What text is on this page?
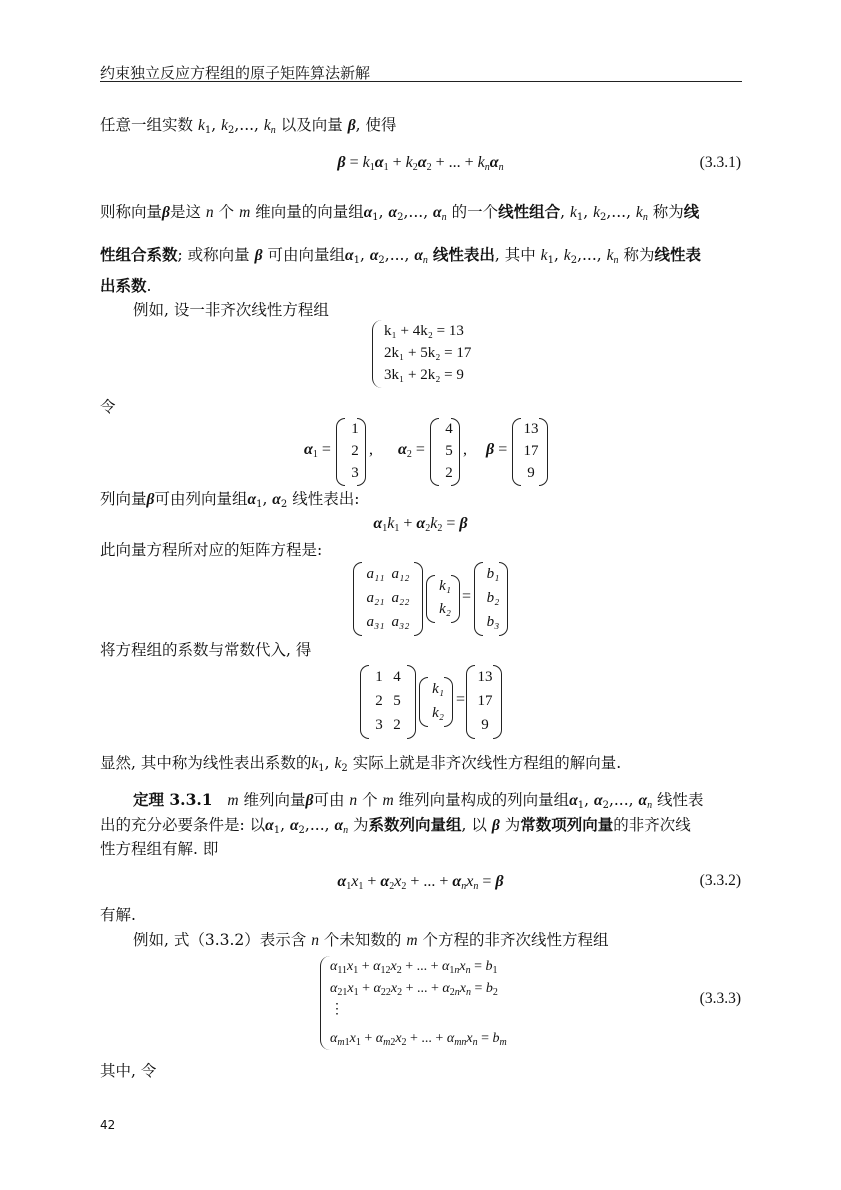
约束独立反应方程组的原子矩阵算法新解
任意一组实数 $k_1$, $k_2$,..., $k_n$ 以及向量 β, 使得
$\beta = k_1\alpha_1 + k_2\alpha_2$ + ... + $k_n\alpha_n$	(3.3.1)
则称向量β是这 n 个 m 维向量的向量组$\alpha_1$, $\alpha_2$,..., $\alpha_n$ 的一个线性组合, $k_1$, $k_2$,..., $k_n$ 称为线
性组合系数; 或称向量 β 可由向量组$\alpha_1$, $\alpha_2$,..., $\alpha_n$ 线性表出, 其中 $k_1$, $k_2$,..., $k_n$ 称为线性表
出系数.
例如, 设一非齐次线性方程组
k₁ + 4k₂ = 13
2k₁ + 5k₂ = 17
3k₁ + 2k₂ = 9
令
$\alpha_1$ =
1
2
3
, $\alpha_2$ =
4
5
2
, β =
13
17
9
列向量β可由列向量组$\alpha_1$, $\alpha_2$ 线性表出:
$\alpha_1k_1 + \alpha_2k_2 = \beta$
此向量方程所对应的矩阵方程是:
a₁₁ a₁₂
a₂₁ a₂₂
a₃₁ a₃₂
k₁
k₂
=
b₁
b₂
b₃
将方程组的系数与常数代入, 得
1 4
2 5
3 2
k₁
k₂
=
13
17
9
显然, 其中称为线性表出系数的$k_1$, $k_2$ 实际上就是非齐次线性方程组的解向量.
定理 3.3.1 m 维列向量β可由 n 个 m 维列向量构成的列向量组$\alpha_1$, $\alpha_2$,..., $\alpha_n$ 线性表
出的充分必要条件是: 以$\alpha_1$, $\alpha_2$,..., $\alpha_n$ 为系数列向量组, 以 β 为常数项列向量的非齐次线
性方程组有解. 即
$\alpha_1x_1 + \alpha_2x_2$ + ... + $\alpha_nx_n = \beta$	(3.3.2)
有解.
例如, 式（3.3.2）表示含 n 个未知数的 m 个方程的非齐次线性方程组
$\alpha_{11}x_1 + \alpha_{12}x_2$ + ... + $\alpha_{1n}x_n = b_1$
$\alpha_{21}x_1 + \alpha_{22}x_2$ + ... + $\alpha_{2n}x_n = b_2$
⋮
$\alpha_{m1}x_1 + \alpha_{m2}x_2$ + ... + $\alpha_{mn}x_n = b_m$
(3.3.3)
其中, 令
42
